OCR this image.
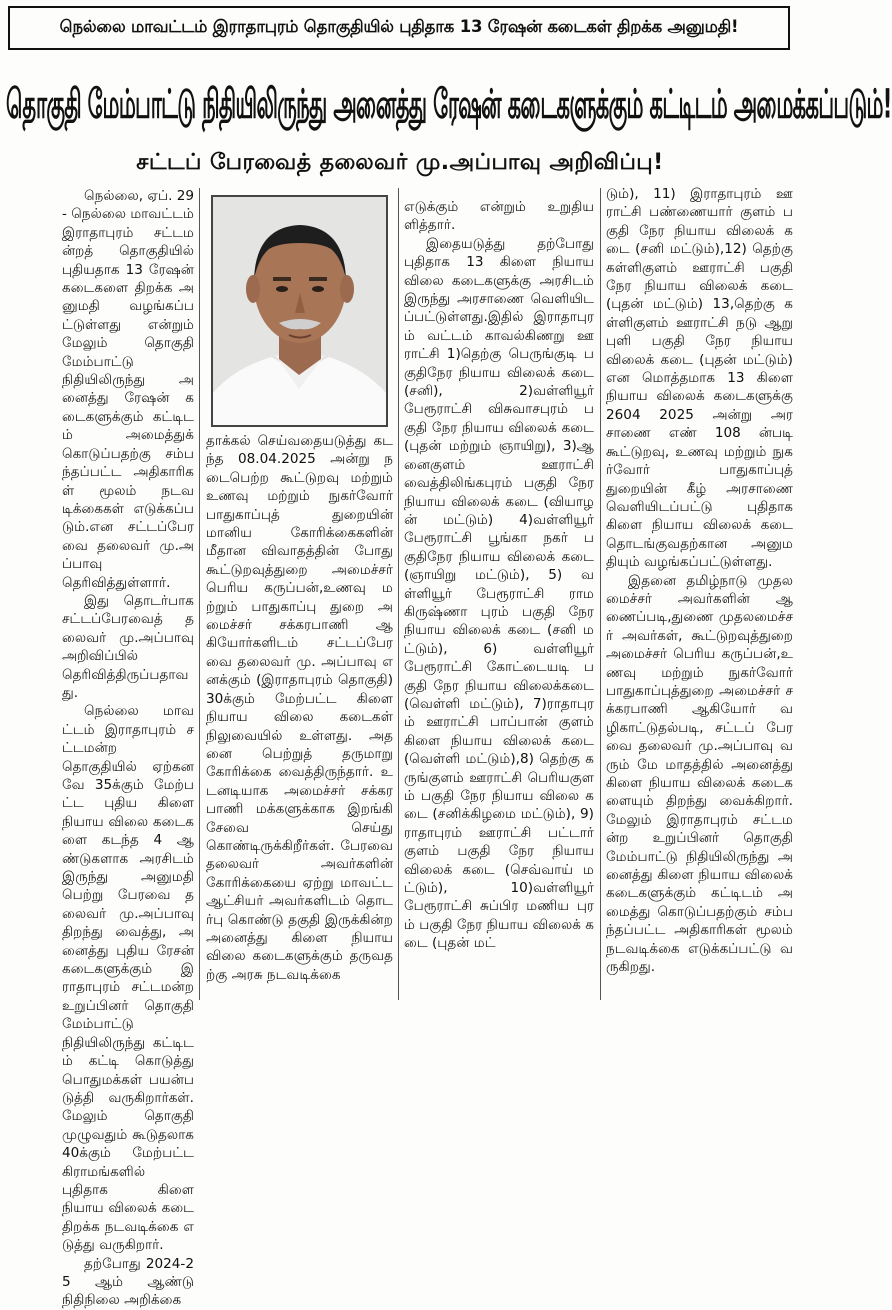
நெல்லை மாவட்டம் இராதாபுரம் தொகுதியில் புதிதாக 13 ரேஷன் கடைகள் திறக்க அனுமதி!
தொகுதி மேம்பாட்டு நிதியிலிருந்து அனைத்து ரேஷன் கடைகளுக்கும் கட்டிடம் அமைக்கப்படும்!
சட்டப் பேரவைத் தலைவர் மு.அப்பாவு அறிவிப்பு!

நெல்லை, ஏப். 29 - நெல்லை மாவட்டம் இராதாபுரம் சட்டமன்றத் தொகுதியில் புதியதாக 13 ரேஷன் கடைகளை திறக்க அனுமதி வழங்கப்பட்டுள்ளது என்றும் மேலும் தொகுதி மேம்பாட்டு நிதியிலிருந்து அனைத்து ரேஷன் கடைகளுக்கும் கட்டிடம் அமைத்துக் கொடுப்பதற்கு சம்பந்தப்பட்ட அதிகாரிகள் மூலம் நடவடிக்கைகள் எடுக்கப்படும்.என சட்டப்பேரவை தலைவர் மு.அப்பாவு தெரிவித்துள்ளார்.

இது தொடர்பாக சட்டப்பேரவைத் தலைவர் மு.அப்பாவு அறிவிப்பில் தெரிவித்திருப்பதாவது.

நெல்லை மாவட்டம் இராதாபுரம் சட்டமன்ற தொகுதியில் ஏற்கனவே 35க்கும் மேற்பட்ட புதிய கிளை நியாய விலை கடைகளை கடந்த 4 ஆண்டுகளாக அரசிடம் இருந்து அனுமதி பெற்று பேரவை தலைவர் மு.அப்பாவு திறந்து வைத்து, அனைத்து புதிய ரேசன் கடைகளுக்கும் இராதாபுரம் சட்டமன்ற உறுப்பினர் தொகுதி மேம்பாட்டு நிதியிலிருந்து கட்டிடம் கட்டி கொடுத்து பொதுமக்கள் பயன்படுத்தி வருகிறார்கள். மேலும் தொகுதி முழுவதும் கூடுதலாக 40க்கும் மேற்பட்ட கிராமங்களில் புதிதாக கிளை நியாய விலைக் கடை திறக்க நடவடிக்கை எடுத்து வருகிறார்.

தற்போது 2024-25 ஆம் ஆண்டு நிதிநிலை அறிக்கை

தாக்கல் செய்வதையடுத்து கடந்த 08.04.2025 அன்று நடைபெற்ற கூட்டுறவு மற்றும் உணவு மற்றும் நுகர்வோர் பாதுகாப்புத் துறையின் மானிய கோரிக்கைகளின் மீதான விவாதத்தின் போது கூட்டுறவுத்துறை அமைச்சர் பெரிய கருப்பன்,உணவு மற்றும் பாதுகாப்பு துறை அமைச்சர் சக்கரபாணி ஆகியோர்களிடம் சட்டப்பேரவை தலைவர் மு. அப்பாவு எனக்கும் (இராதாபுரம் தொகுதி) 30க்கும் மேற்பட்ட கிளை நியாய விலை கடைகள் நிலுவையில் உள்ளது. அதனை பெற்றுத் தருமாறு கோரிக்கை வைத்திருந்தார். உடனடியாக அமைச்சர் சக்கரபாணி மக்களுக்காக இறங்கி சேவை செய்து கொண்டிருக்கிறீர்கள். பேரவை தலைவர் அவர்களின் கோரிக்கையை ஏற்று மாவட்ட ஆட்சியர் அவர்களிடம் தொடர்பு கொண்டு தகுதி இருக்கின்ற அனைத்து கிளை நியாய விலை கடைகளுக்கும் தருவதற்கு அரசு நடவடிக்கை

எடுக்கும் என்றும் உறுதியளித்தார்.

இதையடுத்து தற்போது புதிதாக 13 கிளை நியாய விலை கடைகளுக்கு அரசிடம் இருந்து அரசாணை வெளியிடப்பட்டுள்ளது.இதில் இராதாபுரம் வட்டம் காவல்கிணறு ஊராட்சி 1)தெற்கு பெருங்குடி பகுதிநேர நியாய விலைக் கடை (சனி), 2)வள்ளியூர் பேரூராட்சி விசுவாசபுரம் பகுதி நேர நியாய விலைக் கடை (புதன் மற்றும் ஞாயிறு), 3)ஆனைகுளம் ஊராட்சி வைத்திலிங்கபுரம் பகுதி நேர நியாய விலைக் கடை (வியாழன் மட்டும்) 4)வள்ளியூர் பேரூராட்சி பூங்கா நகர் பகுதிநேர நியாய விலைக் கடை (ஞாயிறு மட்டும்), 5) வள்ளியூர் பேரூராட்சி ராமகிருஷ்ணா புரம் பகுதி நேர நியாய விலைக் கடை (சனி மட்டும்), 6) வள்ளியூர் பேரூராட்சி கோட்டையடி பகுதி நேர நியாய விலைக்கடை (வெள்ளி மட்டும்), 7)ராதாபுரம் ஊராட்சி பாப்பான் குளம் கிளை நியாய விலைக் கடை (வெள்ளி மட்டும்),8) தெற்கு கருங்குளம் ஊராட்சி பெரியகுளம் பகுதி நேர நியாய விலை கடை (சனிக்கிழமை மட்டும்), 9)ராதாபுரம் ஊராட்சி பட்டார் குளம் பகுதி நேர நியாய விலைக் கடை (செவ்வாய் மட்டும்), 10)வள்ளியூர் பேரூராட்சி சுப்பிர மணிய புரம் பகுதி நேர நியாய விலைக் கடை (புதன் மட்

டும்), 11) இராதாபுரம் ஊராட்சி பண்ணையார் குளம் பகுதி நேர நியாய விலைக் கடை (சனி மட்டும்),12) தெற்கு கள்ளிகுளம் ஊராட்சி பகுதி நேர நியாய விலைக் கடை (புதன் மட்டும்) 13,தெற்கு கள்ளிகுளம் ஊராட்சி நடு ஆறு புளி பகுதி நேர நியாய விலைக் கடை (புதன் மட்டும்) என மொத்தமாக 13 கிளை நியாய விலைக் கடைகளுக்கு 2604 2025 அன்று அரசாணை எண் 108 ன்படி கூட்டுறவு, உணவு மற்றும் நுகர்வோர் பாதுகாப்புத் துறையின் கீழ் அரசாணை வெளியிடப்பட்டு புதிதாக கிளை நியாய விலைக் கடை தொடங்குவதற்கான அனுமதியும் வழங்கப்பட்டுள்ளது.

இதனை தமிழ்நாடு முதலமைச்சர் அவர்களின் ஆணைப்படி,துணை முதலமைச்சர் அவர்கள், கூட்டுறவுத்துறை அமைச்சர் பெரிய கருப்பன்,உணவு மற்றும் நுகர்வோர் பாதுகாப்புத்துறை அமைச்சர் சக்கரபாணி ஆகியோர் வழிகாட்டுதல்படி, சட்டப் பேரவை தலைவர் மு.அப்பாவு வரும் மே மாதத்தில் அனைத்து கிளை நியாய விலைக் கடைகளையும் திறந்து வைக்கிறார்.மேலும் இராதாபுரம் சட்டமன்ற உறுப்பினர் தொகுதி மேம்பாட்டு நிதியிலிருந்து அனைத்து கிளை நியாய விலைக் கடைகளுக்கும் கட்டிடம் அமைத்து கொடுப்பதற்கும் சம்பந்தப்பட்ட அதிகாரிகள் மூலம் நடவடிக்கை எடுக்கப்பட்டு வருகிறது.
